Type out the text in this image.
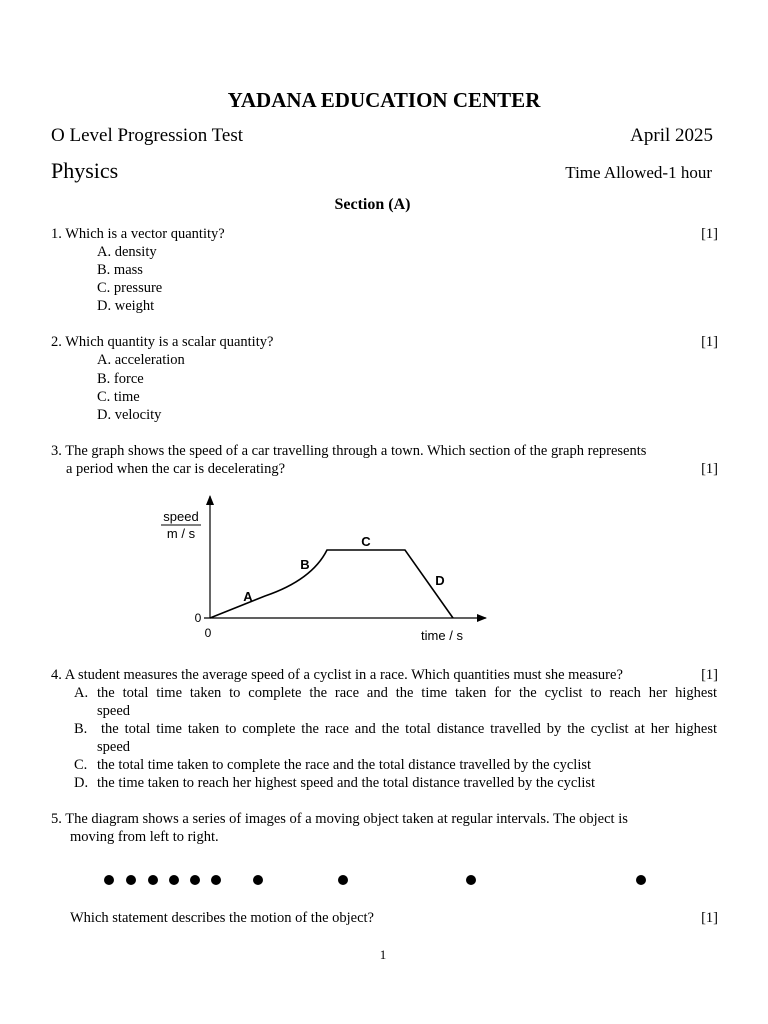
YADANA EDUCATION CENTER
O Level Progression Test	April 2025
Physics	Time Allowed-1 hour
Section (A)
1. Which is a vector quantity?	[1]
A. density
B. mass
C. pressure
D. weight
2. Which quantity is a scalar quantity?	[1]
A. acceleration
B. force
C. time
D. velocity
3. The graph shows the speed of a car travelling through a town. Which section of the graph represents
a period when the car is decelerating?	[1]
speed
m / s
0
0	time / s
A
B
C
D
4. A student measures the average speed of a cyclist in a race. Which quantities must she measure?	[1]
A. the total time taken to complete the race and the time taken for the cyclist to reach her highest
speed
B. the total time taken to complete the race and the total distance travelled by the cyclist at her highest
speed
C. the total time taken to complete the race and the total distance travelled by the cyclist
D. the time taken to reach her highest speed and the total distance travelled by the cyclist
5. The diagram shows a series of images of a moving object taken at regular intervals. The object is
moving from left to right.
Which statement describes the motion of the object?	[1]
1
